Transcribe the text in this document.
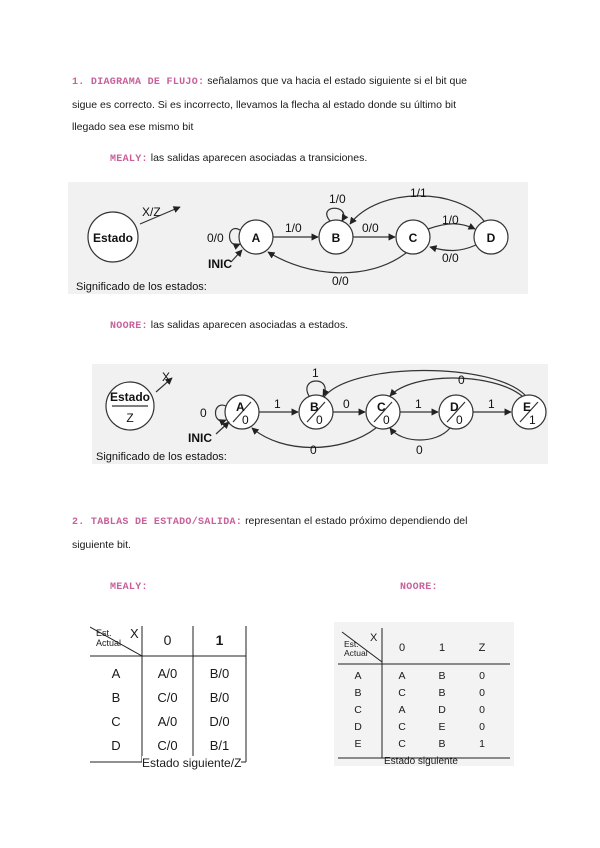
1. DIAGRAMA DE FLUJO: señalamos que va hacia el estado siguiente si el bit que
sigue es correcto. Si es incorrecto, llevamos la flecha al estado donde su último bit
llegado sea ese mismo bit
MEALY: las salidas aparecen asociadas a transiciones.
Estado
X/Z
A	B	C	D
0/0
1/0
1/0
0/0
1/0
0/0
1/1
0/0
INIC
Significado de los estados:
NOORE: las salidas aparecen asociadas a estados.
Estado
Z
X
A
0
B
0
C
0
D
0
E
1
0
1
1
0	1	1
0
0	0
INIC
Significado de los estados:
2. TABLAS DE ESTADO/SALIDA: representan el estado próximo dependiendo del
siguiente bit.
MEALY:	NOORE:
Est. Actual
X	0	1
A	A/0	B/0
B	C/0	B/0
C	A/0	D/0
D	C/0	B/1
Estado siguiente/Z
Est. Actual
X
0	1	Z
A	A	B	0
B	C	B	0
C	A	D	0
D	C	E	0
E	C	B	1
Estado siguiente
